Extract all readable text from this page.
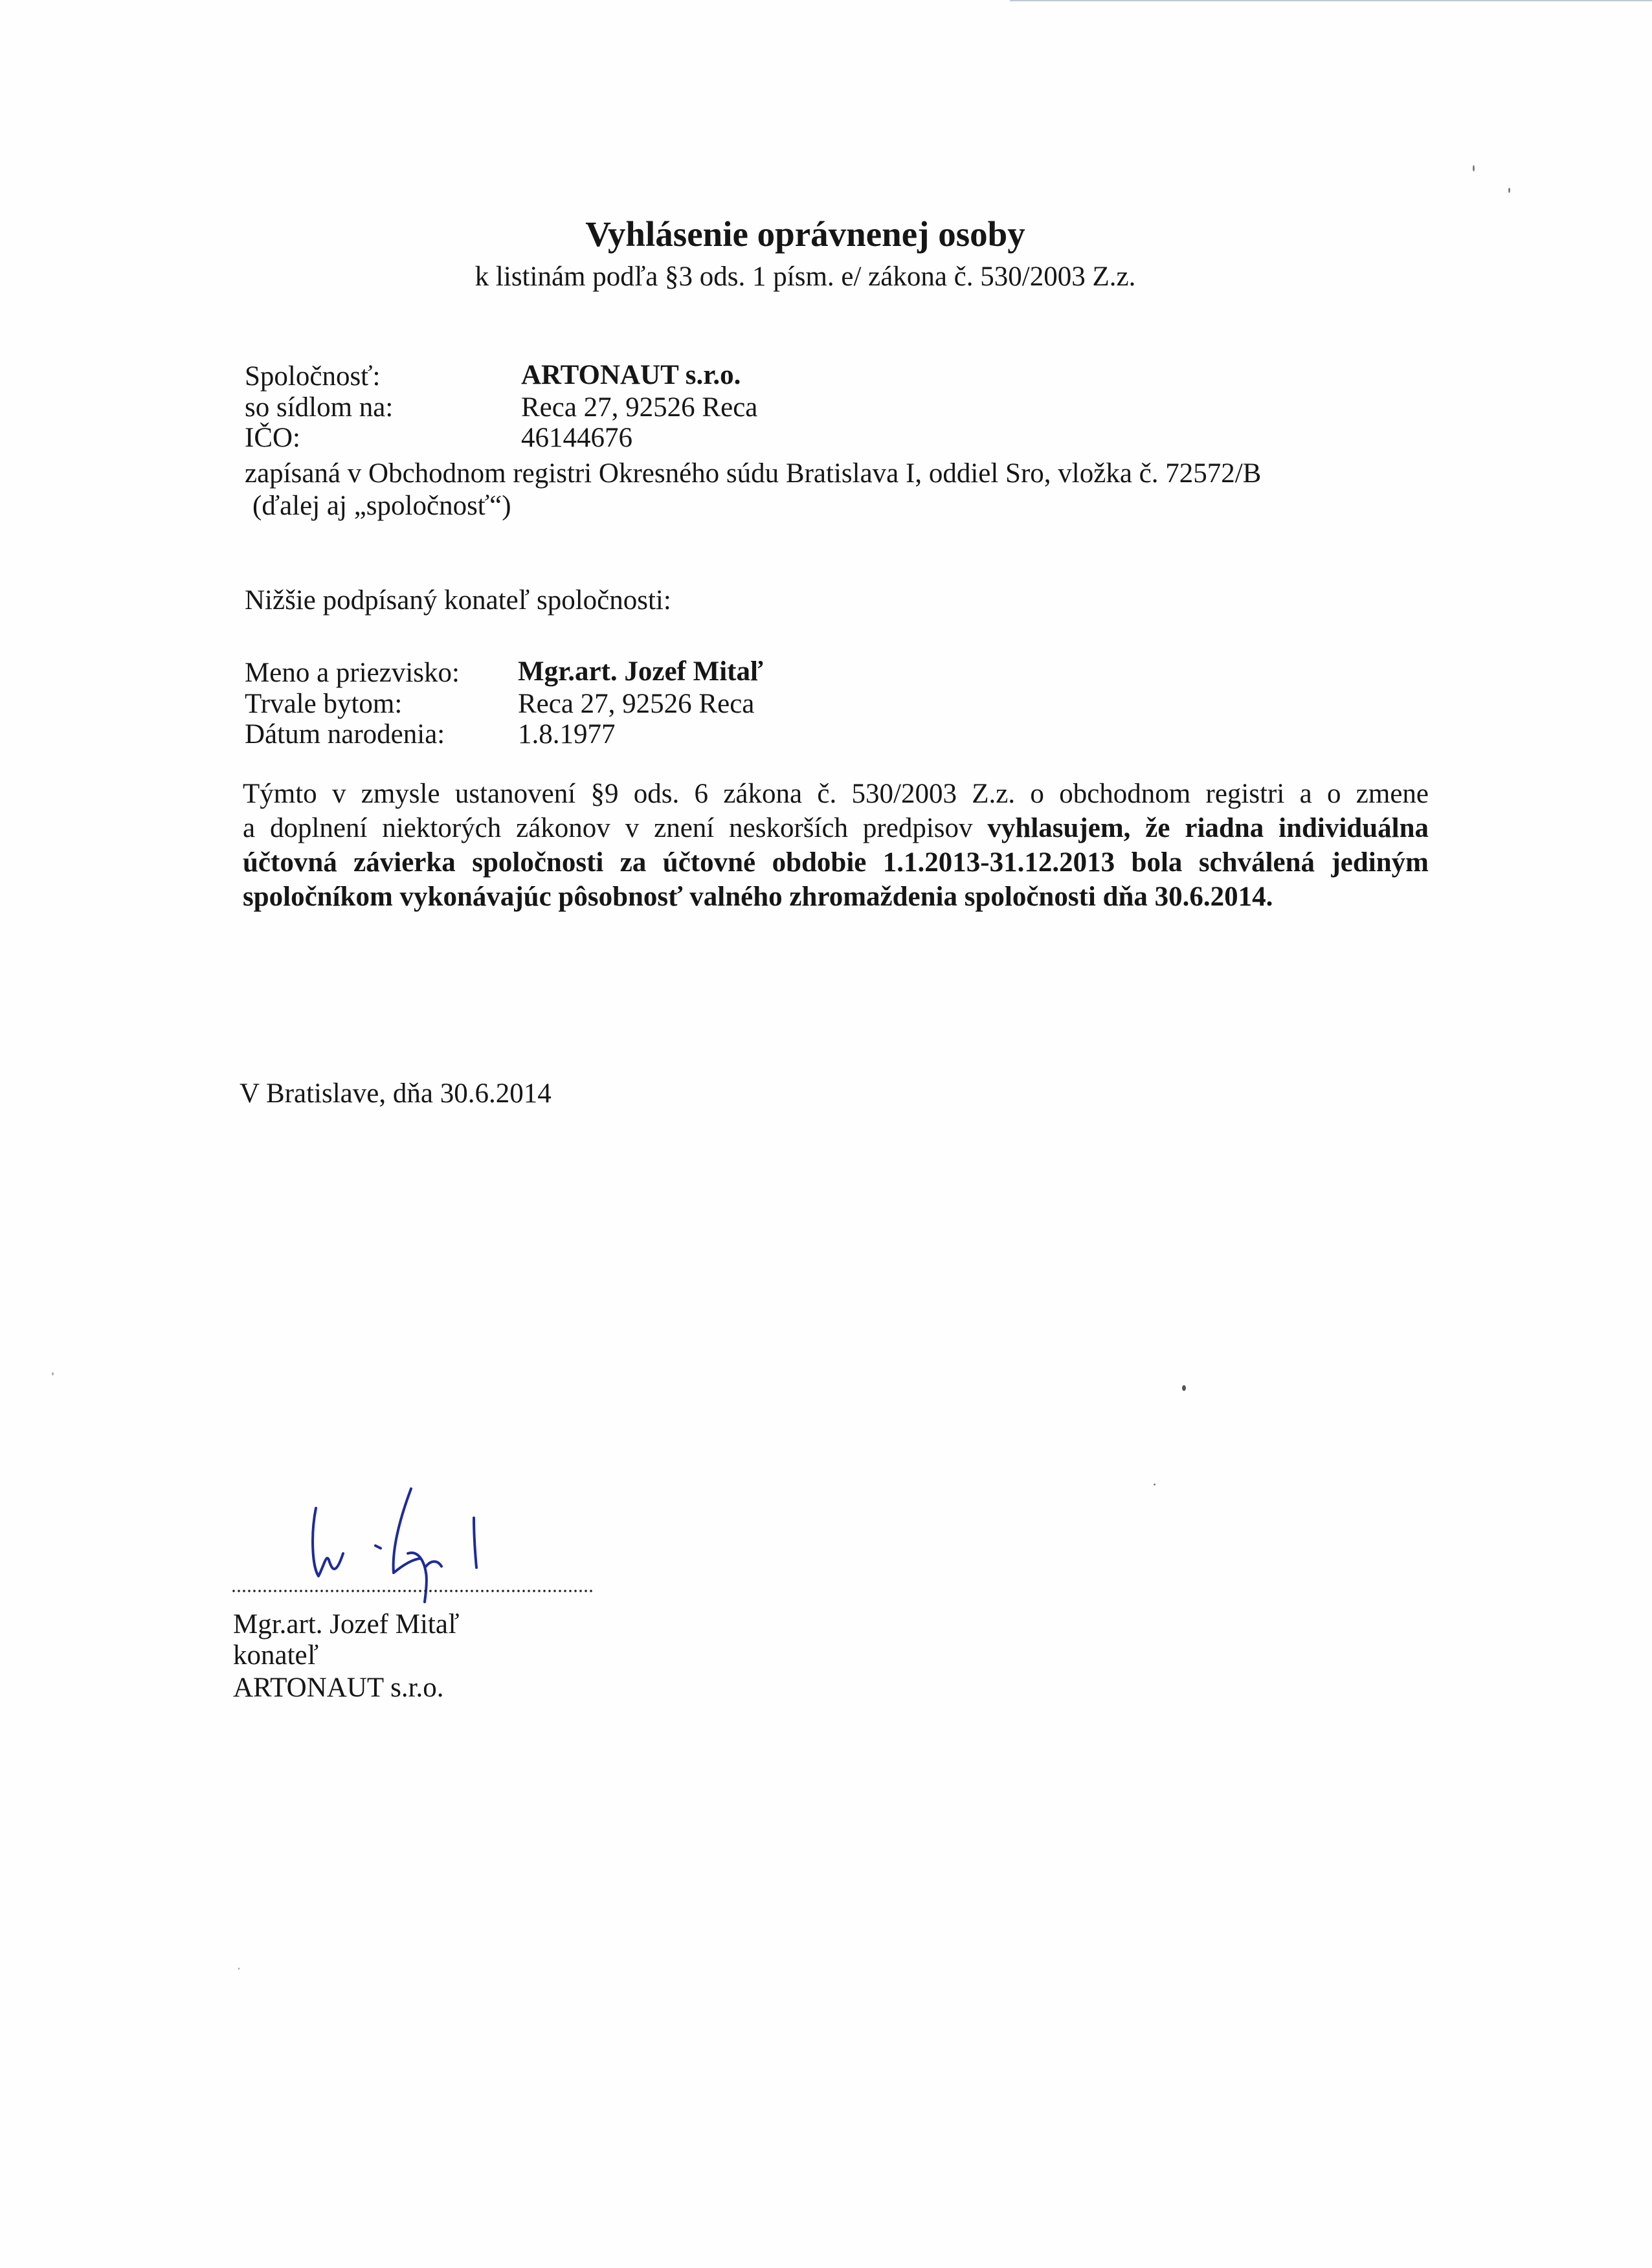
Vyhlásenie oprávnenej osoby
k listinám podľa §3 ods. 1 písm. e/ zákona č. 530/2003 Z.z.
Spoločnosť:	ARTONAUT s.r.o.
so sídlom na:	Reca 27, 92526 Reca
IČO:	46144676
zapísaná v Obchodnom registri Okresného súdu Bratislava I, oddiel Sro, vložka č. 72572/B
(ďalej aj „spoločnosť“)
Nižšie podpísaný konateľ spoločnosti:
Meno a priezvisko: Mgr.art. Jozef Mitaľ
Trvale bytom:	Reca 27, 92526 Reca
Dátum narodenia:	1.8.1977
Týmto v zmysle ustanovení §9 ods. 6 zákona č. 530/2003 Z.z. o obchodnom registri a o zmene
a doplnení niektorých zákonov v znení neskorších predpisov vyhlasujem, že riadna individuálna
účtovná závierka spoločnosti za účtovné obdobie 1.1.2013-31.12.2013 bola schválená jediným
spoločníkom vykonávajúc pôsobnosť valného zhromaždenia spoločnosti dňa 30.6.2014.
V Bratislave, dňa 30.6.2014
Mgr.art. Jozef Mitaľ
konateľ
ARTONAUT s.r.o.
